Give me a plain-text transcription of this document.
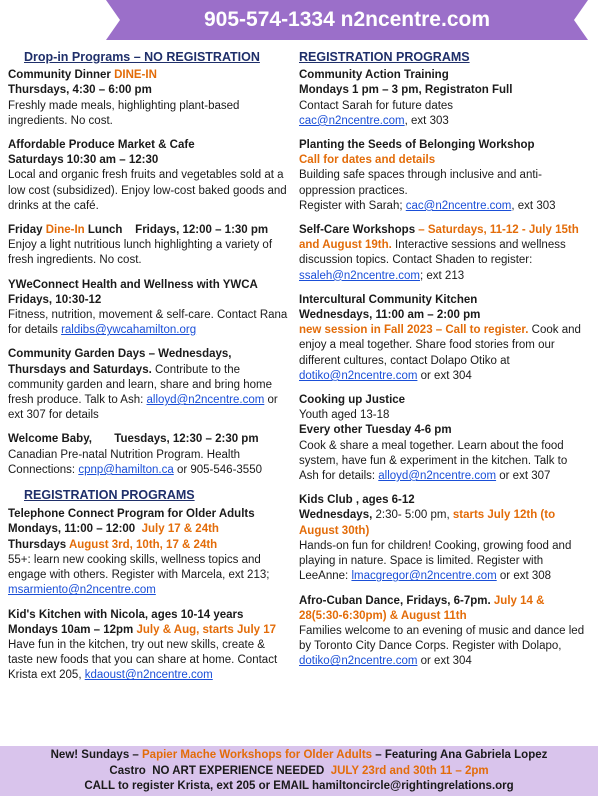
905-574-1334 n2ncentre.com
Drop-in Programs – NO REGISTRATION
Community Dinner DINE-IN
Thursdays, 4:30 – 6:00 pm
Freshly made meals, highlighting plant-based ingredients. No cost.
Affordable Produce Market & Cafe
Saturdays 10:30 am – 12:30
Local and organic fresh fruits and vegetables sold at a low cost (subsidized). Enjoy low-cost baked goods and drinks at the café.
Friday Dine-In Lunch    Fridays, 12:00 – 1:30 pm
Enjoy a light nutritious lunch highlighting a variety of fresh ingredients. No cost.
YWeConnect Health and Wellness with YWCA
Fridays, 10:30-12
Fitness, nutrition, movement & self-care. Contact Rana for details raldibs@ywcahamilton.org
Community Garden Days – Wednesdays, Thursdays and Saturdays. Contribute to the community garden and learn, share and bring home fresh produce. Talk to Ash: alloyd@n2ncentre.com or ext 307 for details
Welcome Baby,       Tuesdays, 12:30 – 2:30 pm
Canadian Pre-natal Nutrition Program. Health Connections: cpnp@hamilton.ca or 905-546-3550
REGISTRATION PROGRAMS
Telephone Connect Program for Older Adults
Mondays, 11:00 – 12:00  July 17 & 24th
Thursdays August 3rd, 10th, 17 & 24th
55+: learn new cooking skills, wellness topics and engage with others. Register with Marcela, ext 213; msarmiento@n2ncentre.com
Kid's Kitchen with Nicola, ages 10-14 years
Mondays 10am – 12pm July & Aug, starts July 17
Have fun in the kitchen, try out new skills, create & taste new foods that you can share at home. Contact Krista ext 205, kdaoust@n2ncentre.com
REGISTRATION PROGRAMS
Community Action Training
Mondays 1 pm – 3 pm, Registraton Full
Contact Sarah for future dates
cac@n2ncentre.com, ext 303
Planting the Seeds of Belonging Workshop
Call for dates and details
Building safe spaces through inclusive and anti-oppression practices.
Register with Sarah; cac@n2ncentre.com, ext 303
Self-Care Workshops – Saturdays, 11-12 - July 15th and August 19th. Interactive sessions and wellness discussion topics. Contact Shaden to register: ssaleh@n2ncentre.com; ext 213
Intercultural Community Kitchen
Wednesdays, 11:00 am – 2:00 pm
new session in Fall 2023 – Call to register. Cook and enjoy a meal together. Share food stories from our different cultures, contact Dolapo Otiko at dotiko@n2ncentre.com or ext 304
Cooking up Justice
Youth aged 13-18
Every other Tuesday 4-6 pm
Cook & share a meal together. Learn about the food system, have fun & experiment in the kitchen. Talk to Ash for details: alloyd@n2ncentre.com or ext 307
Kids Club , ages 6-12
Wednesdays, 2:30- 5:00 pm, starts July 12th (to August 30th)
Hands-on fun for children! Cooking, growing food and playing in nature. Space is limited. Register with LeeAnne: lmacgregor@n2ncentre.com or ext 308
Afro-Cuban Dance, Fridays, 6-7pm. July 14 & 28(5:30-6:30pm) & August 11th
Families welcome to an evening of music and dance led by Toronto City Dance Corps. Register with Dolapo, dotiko@n2ncentre.com or ext 304
New! Sundays – Papier Mache Workshops for Older Adults – Featuring Ana Gabriela Lopez
Castro  NO ART EXPERIENCE NEEDED  JULY 23rd and 30th 11 – 2pm
CALL to register Krista, ext 205 or EMAIL hamiltoncircle@rightingrelations.org
